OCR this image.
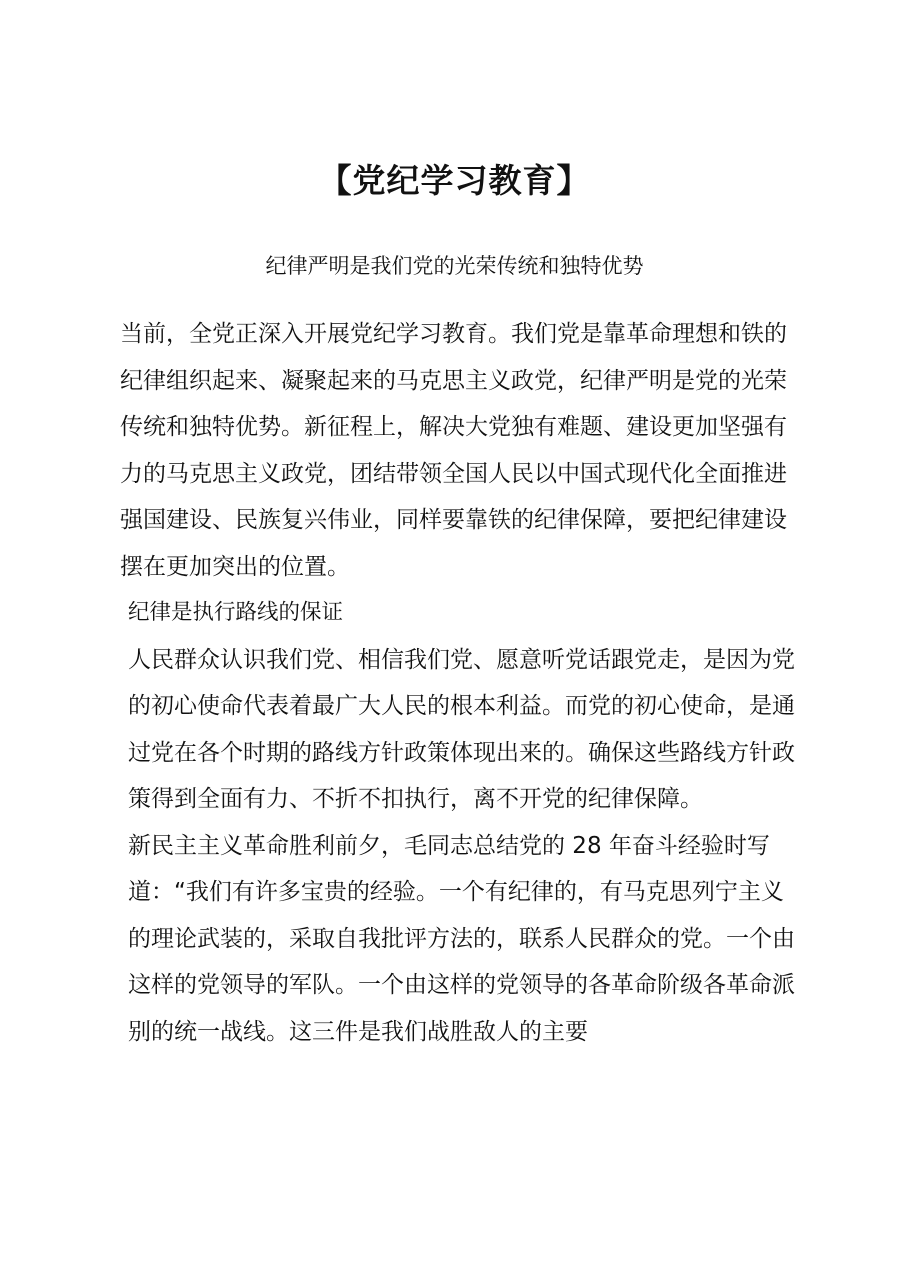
【党纪学习教育】

纪律严明是我们党的光荣传统和独特优势

当前，全党正深入开展党纪学习教育。我们党是靠革命理想和铁的纪律组织起来、凝聚起来的马克思主义政党，纪律严明是党的光荣传统和独特优势。新征程上，解决大党独有难题、建设更加坚强有力的马克思主义政党，团结带领全国人民以中国式现代化全面推进强国建设、民族复兴伟业，同样要靠铁的纪律保障，要把纪律建设摆在更加突出的位置。

纪律是执行路线的保证

人民群众认识我们党、相信我们党、愿意听党话跟党走，是因为党的初心使命代表着最广大人民的根本利益。而党的初心使命，是通过党在各个时期的路线方针政策体现出来的。确保这些路线方针政策得到全面有力、不折不扣执行，离不开党的纪律保障。

新民主主义革命胜利前夕，毛同志总结党的 28 年奋斗经验时写道：“我们有许多宝贵的经验。一个有纪律的，有马克思列宁主义的理论武装的，采取自我批评方法的，联系人民群众的党。一个由这样的党领导的军队。一个由这样的党领导的各革命阶级各革命派别的统一战线。这三件是我们战胜敌人的主要
